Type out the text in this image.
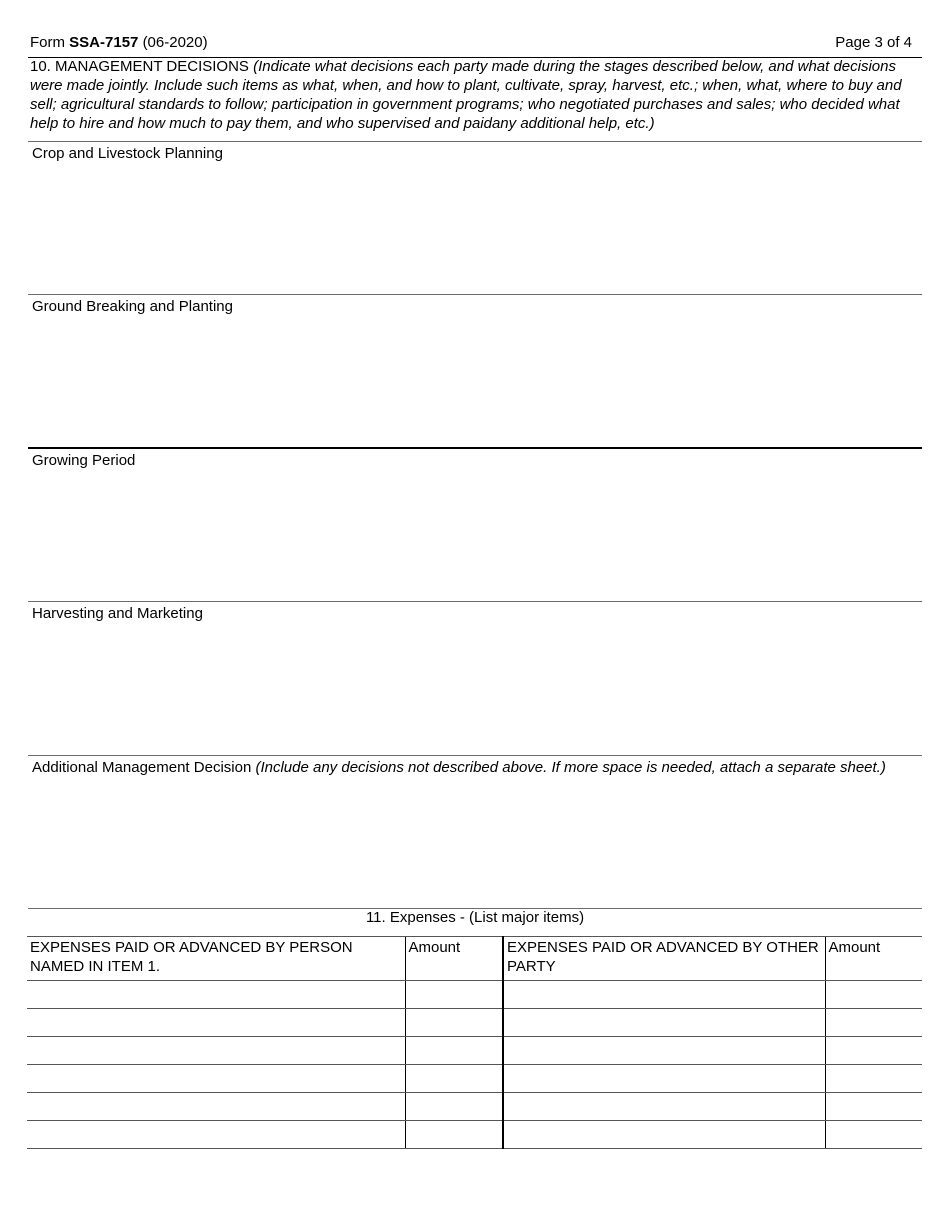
Form SSA-7157 (06-2020)	Page 3 of 4
10. MANAGEMENT DECISIONS (Indicate what decisions each party made during the stages described below, and what decisions were made jointly. Include such items as what, when, and how to plant, cultivate, spray, harvest, etc.; when, what, where to buy and sell; agricultural standards to follow; participation in government programs; who negotiated purchases and sales; who decided what help to hire and how much to pay them, and who supervised and paidany additional help, etc.)
Crop and Livestock Planning
Ground Breaking and Planting
Growing Period
Harvesting and Marketing
Additional Management Decision (Include any decisions not described above. If more space is needed, attach a separate sheet.)
11. Expenses - (List major items)
EXPENSES PAID OR ADVANCED BY PERSON NAMED IN ITEM 1.	Amount	EXPENSES PAID OR ADVANCED BY OTHER PARTY	Amount
